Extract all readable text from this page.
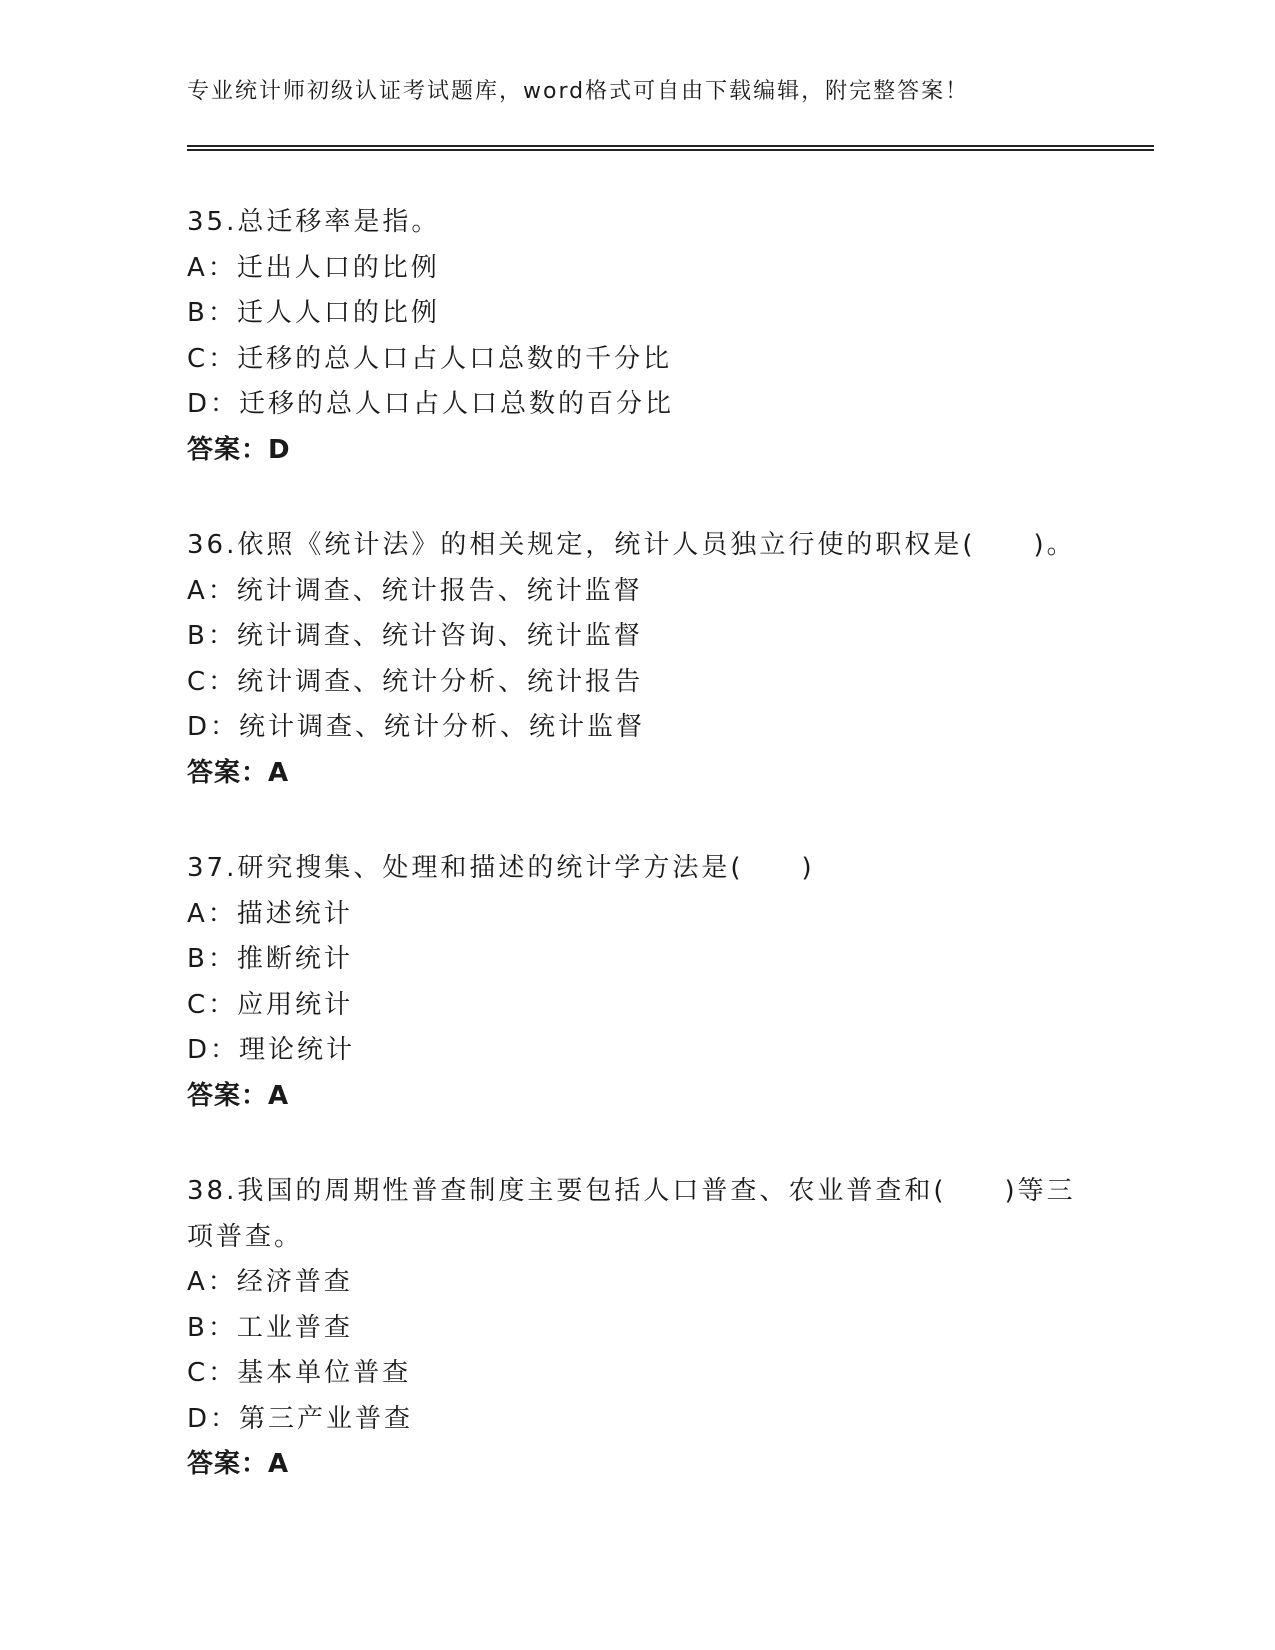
专业统计师初级认证考试题库，word格式可自由下载编辑，附完整答案！
35.总迁移率是指。
A：迁出人口的比例
B：迁人人口的比例
C：迁移的总人口占人口总数的千分比
D：迁移的总人口占人口总数的百分比
答案：D
36.依照《统计法》的相关规定，统计人员独立行使的职权是(　　)。
A：统计调查、统计报告、统计监督
B：统计调查、统计咨询、统计监督
C：统计调查、统计分析、统计报告
D：统计调查、统计分析、统计监督
答案：A
37.研究搜集、处理和描述的统计学方法是(　　)
A：描述统计
B：推断统计
C：应用统计
D：理论统计
答案：A
38.我国的周期性普查制度主要包括人口普查、农业普查和(　　)等三
项普查。
A：经济普查
B：工业普查
C：基本单位普查
D：第三产业普查
答案：A
